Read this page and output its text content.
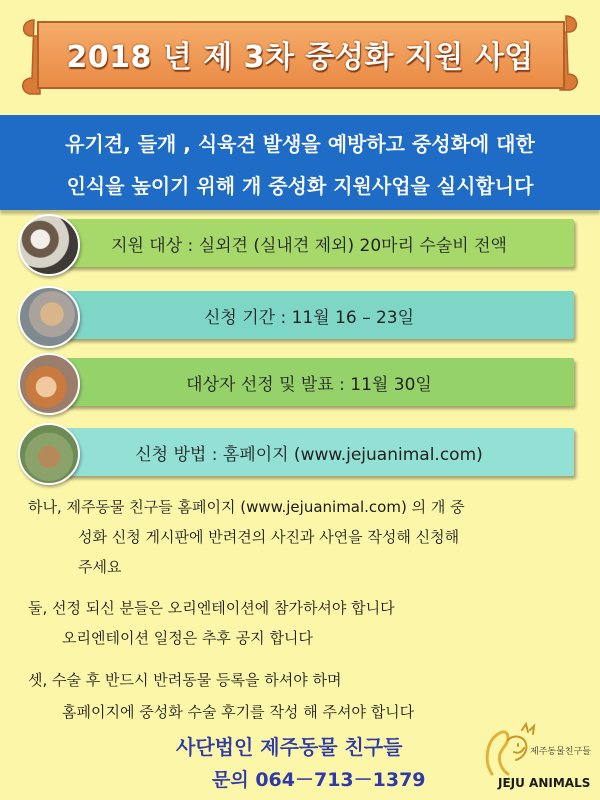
2018 년 제 3차 중성화 지원 사업
유기견, 들개 , 식육견 발생을 예방하고 중성화에 대한
인식을 높이기 위해 개 중성화 지원사업을 실시합니다
지원 대상 : 실외견 (실내견 제외) 20마리 수술비 전액
신청 기간 : 11월 16 – 23일
대상자 선정 및 발표 : 11월 30일
신청 방법 : 홈페이지 (www.jejuanimal.com)
하나, 제주동물 친구들 홈페이지 (www.jejuanimal.com) 의 개 중
성화 신청 게시판에 반려견의 사진과 사연을 작성해 신청해
주세요
둘, 선정 되신 분들은 오리엔테이션에 참가하셔야 합니다
오리엔테이션 일정은 추후 공지 합니다
셋, 수술 후 반드시 반려동물 등록을 하셔야 하며
홈페이지에 중성화 수술 후기를 작성 해 주셔야 합니다
사단법인 제주동물 친구들
문의 064－713－1379
제주동물친구들
JEJU ANIMALS
